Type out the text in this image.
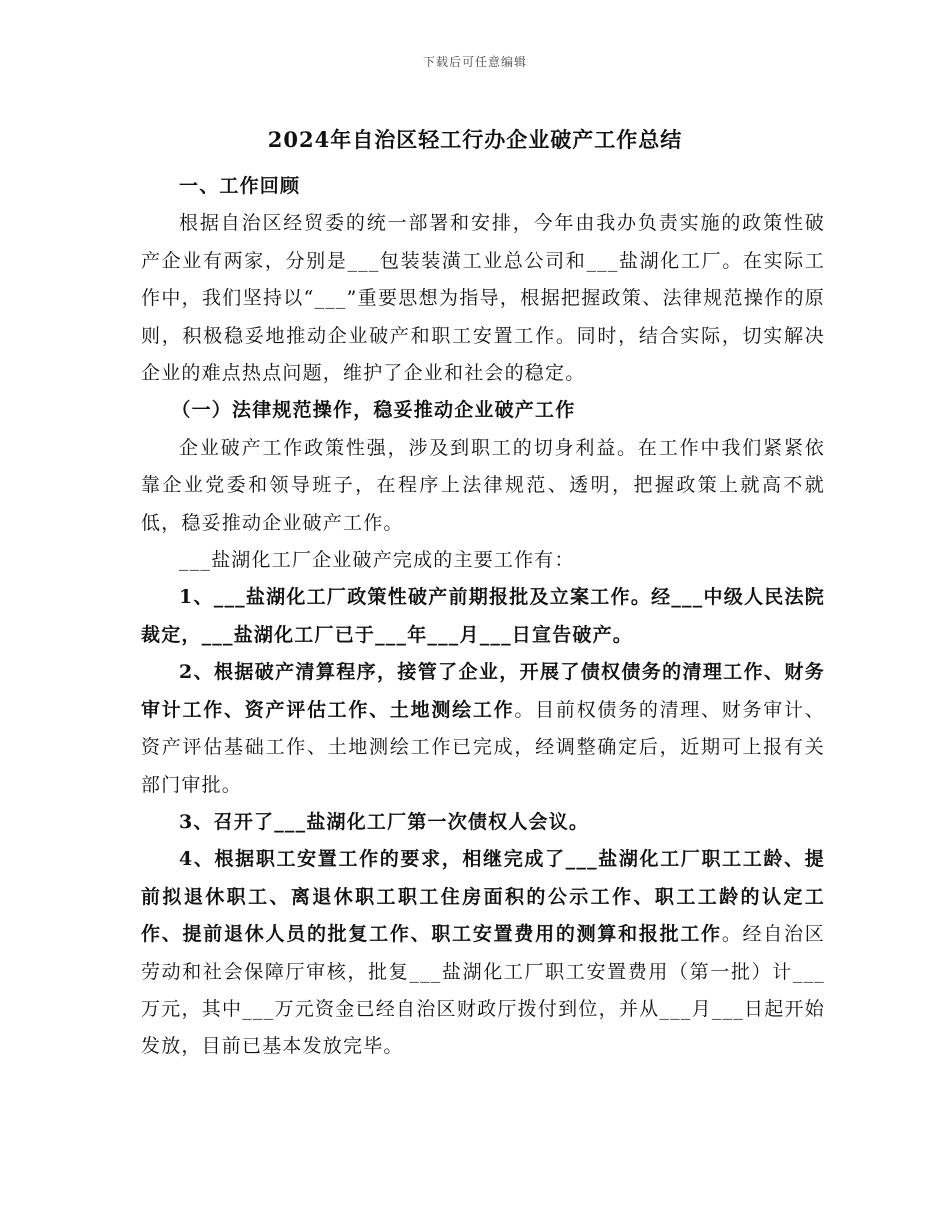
下载后可任意编辑
2024年自治区轻工行办企业破产工作总结

一、工作回顾

根据自治区经贸委的统一部署和安排，今年由我办负责实施的政策性破产企业有两家，分别是___包装装潢工业总公司和___盐湖化工厂。在实际工作中，我们坚持以“___”重要思想为指导，根据把握政策、法律规范操作的原则，积极稳妥地推动企业破产和职工安置工作。同时，结合实际，切实解决企业的难点热点问题，维护了企业和社会的稳定。

（一）法律规范操作，稳妥推动企业破产工作

企业破产工作政策性强，涉及到职工的切身利益。在工作中我们紧紧依靠企业党委和领导班子，在程序上法律规范、透明，把握政策上就高不就低，稳妥推动企业破产工作。

___盐湖化工厂企业破产完成的主要工作有：

1、___盐湖化工厂政策性破产前期报批及立案工作。经___中级人民法院裁定，___盐湖化工厂已于___年___月___日宣告破产。

2、根据破产清算程序，接管了企业，开展了债权债务的清理工作、财务审计工作、资产评估工作、土地测绘工作。目前权债务的清理、财务审计、资产评估基础工作、土地测绘工作已完成，经调整确定后，近期可上报有关部门审批。

3、召开了___盐湖化工厂第一次债权人会议。

4、根据职工安置工作的要求，相继完成了___盐湖化工厂职工工龄、提前拟退休职工、离退休职工职工住房面积的公示工作、职工工龄的认定工作、提前退休人员的批复工作、职工安置费用的测算和报批工作。经自治区劳动和社会保障厅审核，批复___盐湖化工厂职工安置费用（第一批）计___万元，其中___万元资金已经自治区财政厅拨付到位，并从___月___日起开始发放，目前已基本发放完毕。
